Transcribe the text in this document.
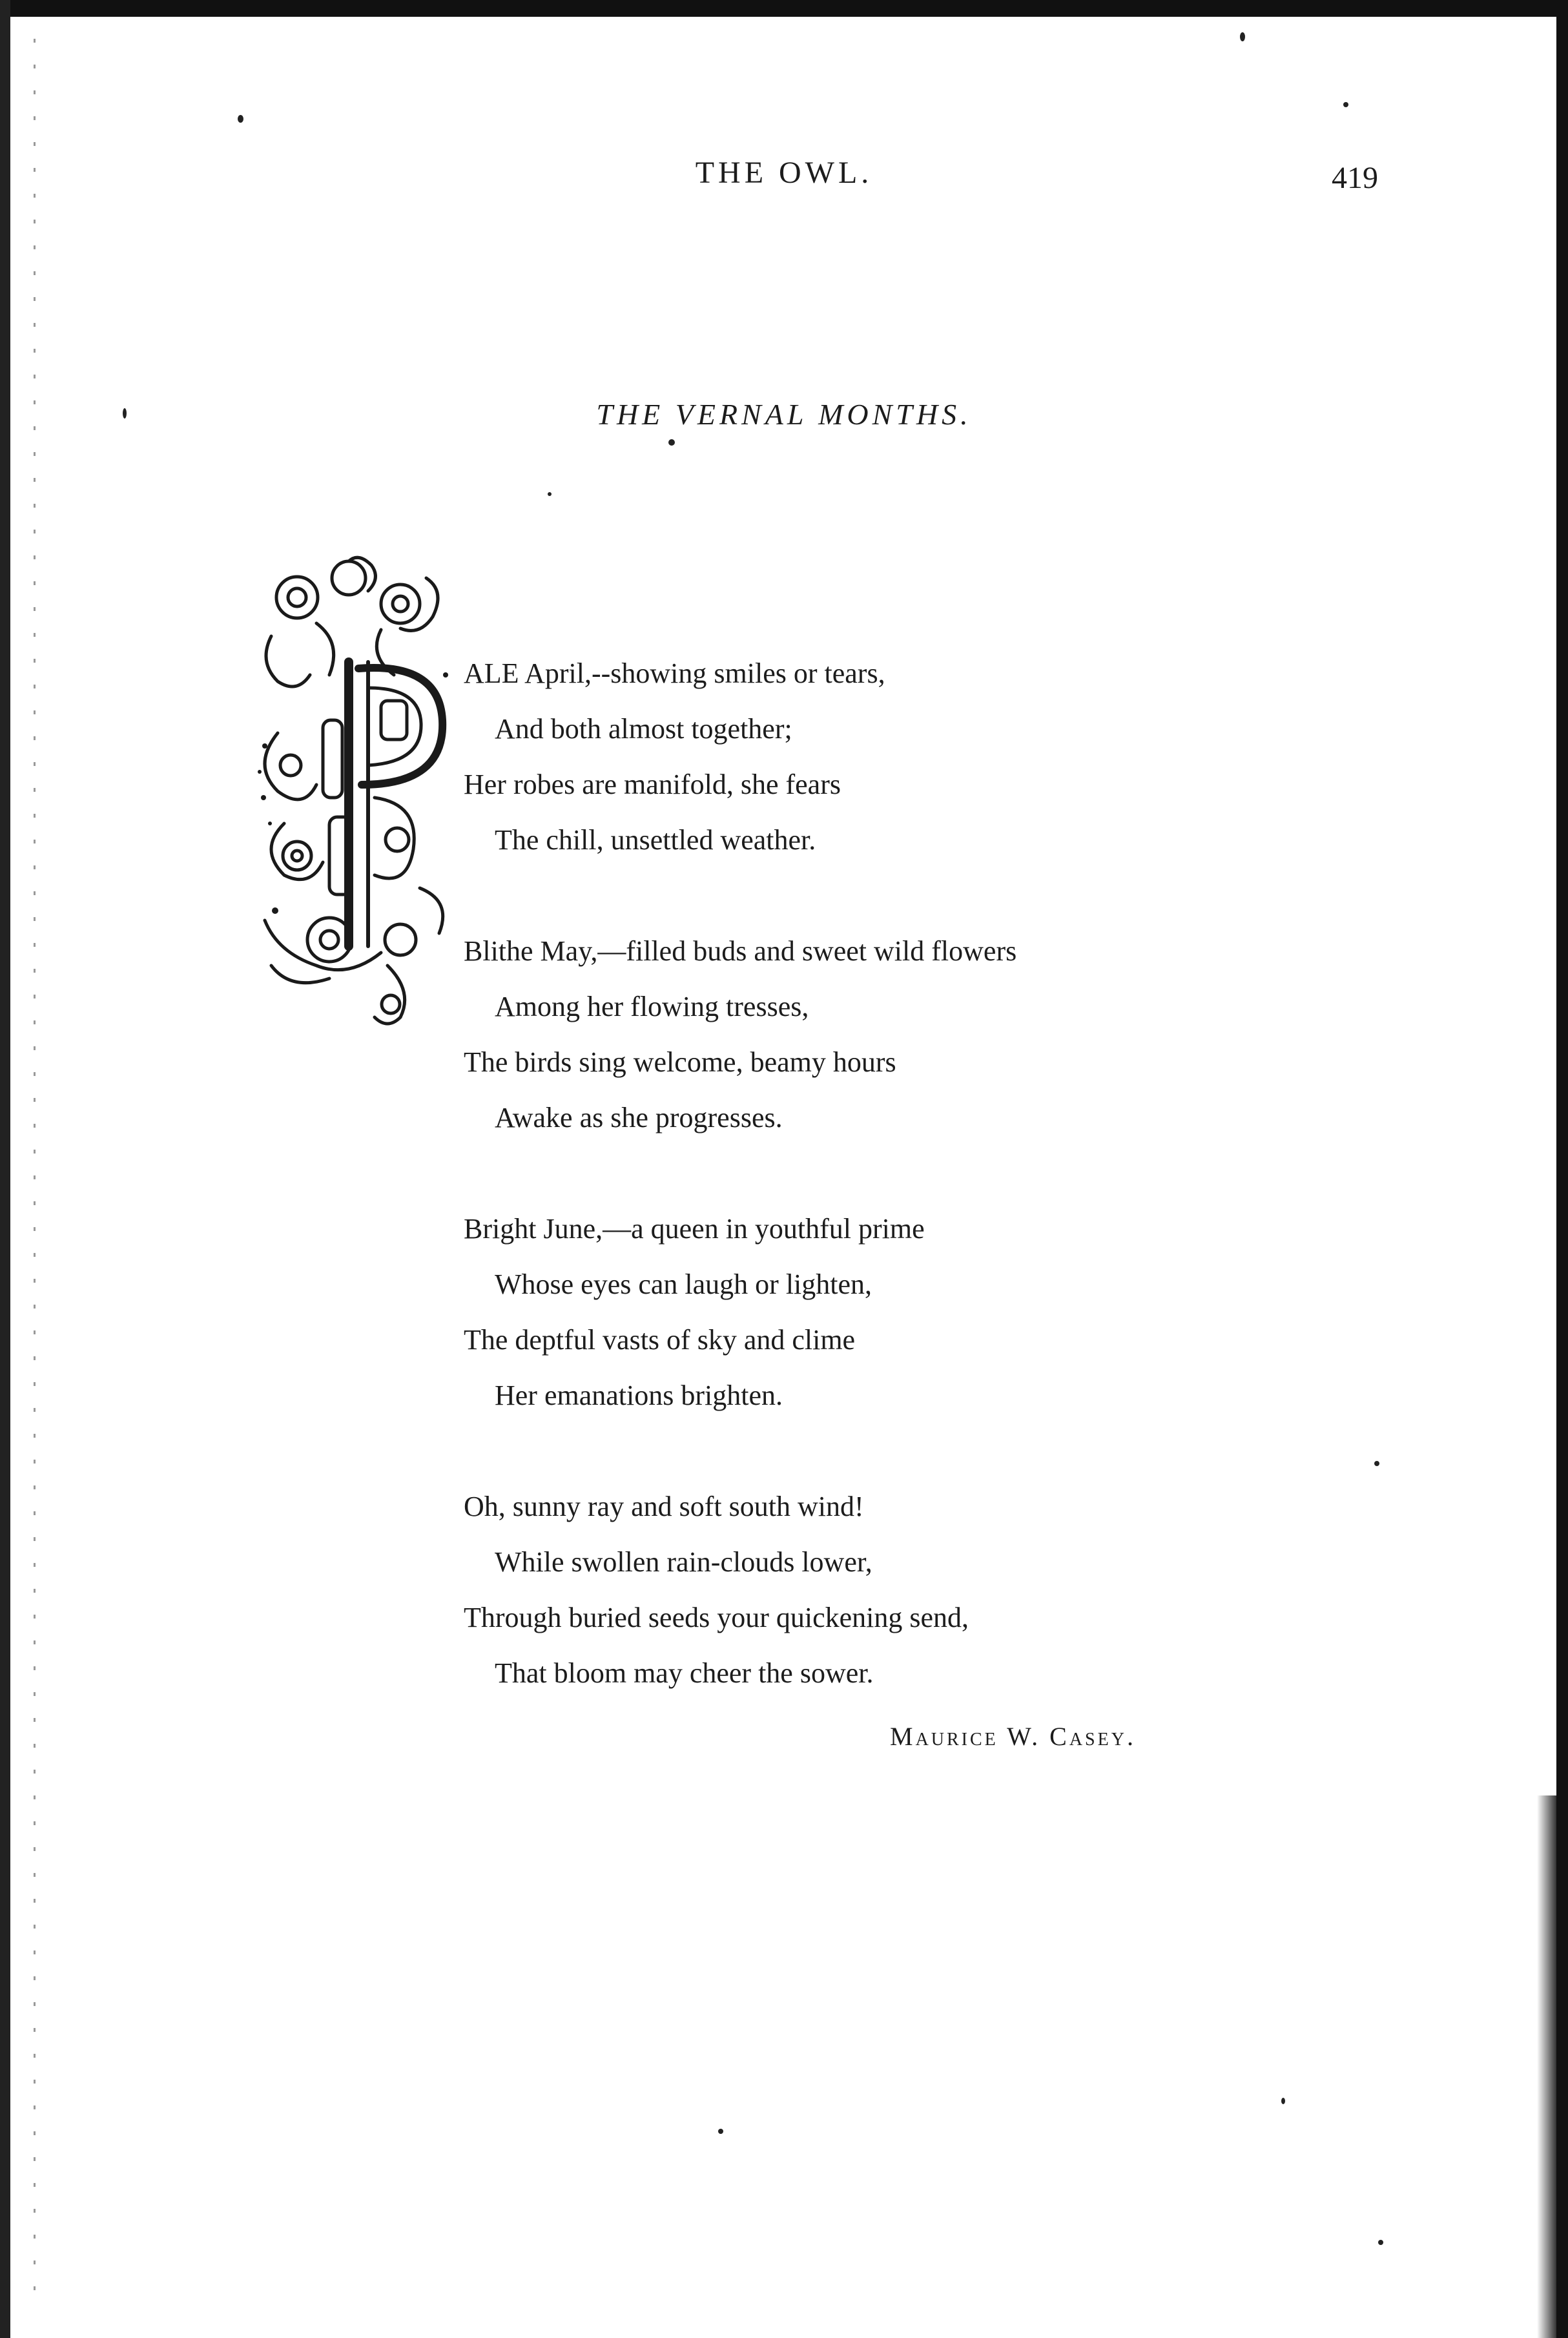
THE OWL.	419
THE VERNAL MONTHS.
ALE April,--showing smiles or tears,
And both almost together;
Her robes are manifold, she fears
The chill, unsettled weather.
Blithe May,—filled buds and sweet wild flowers
Among her flowing tresses,
The birds sing welcome, beamy hours
Awake as she progresses.
Bright June,—a queen in youthful prime
Whose eyes can laugh or lighten,
The deptful vasts of sky and clime
Her emanations brighten.
Oh, sunny ray and soft south wind!
While swollen rain-clouds lower,
Through buried seeds your quickening send,
That bloom may cheer the sower.
Maurice W. Casey.
